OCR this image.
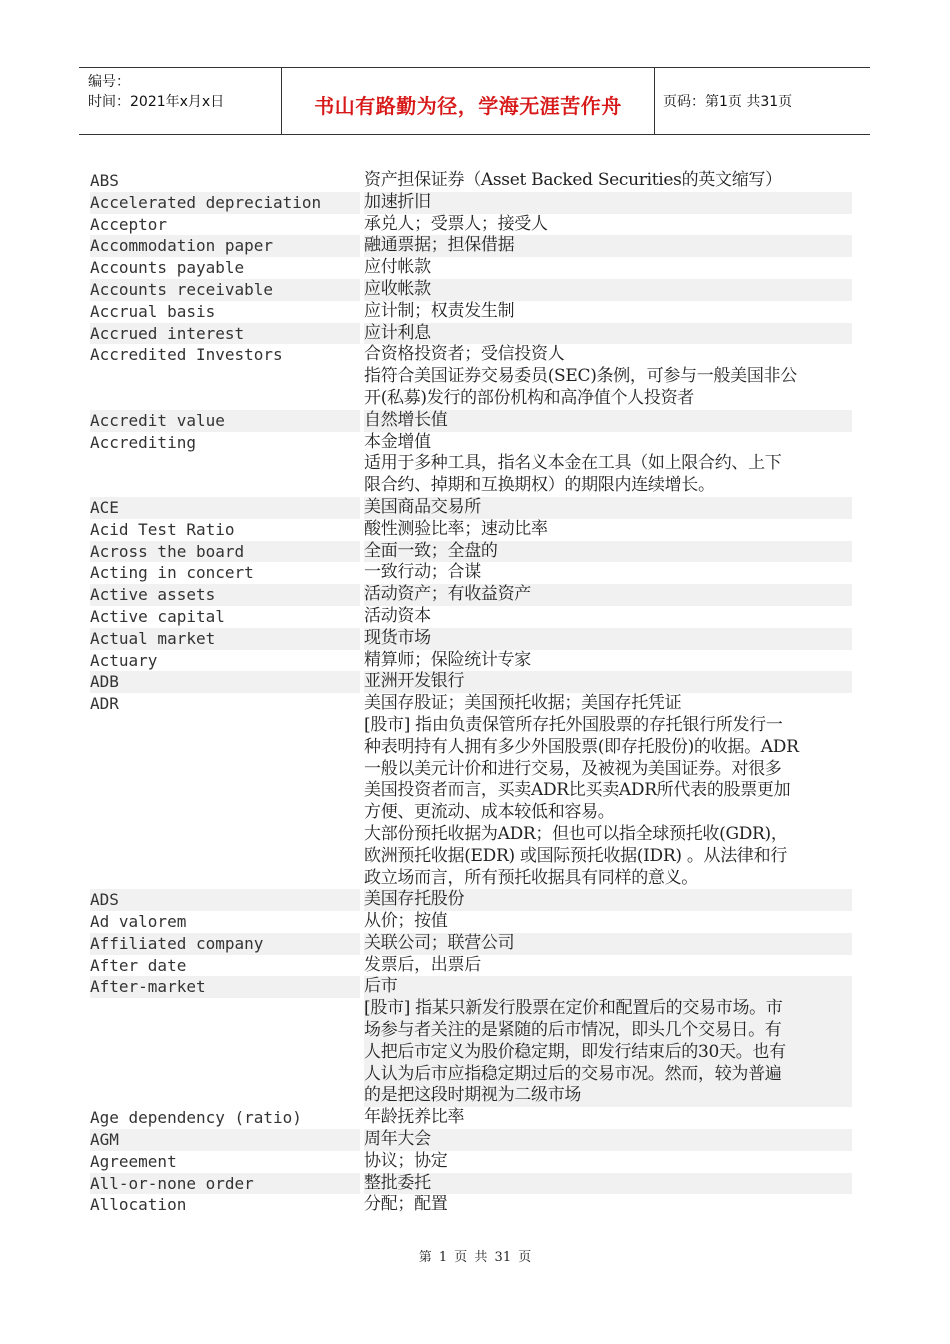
编号：
时间：2021年x月x日	书山有路勤为径，学海无涯苦作舟	页码：第1页 共31页
ABS	资产担保证券（Asset Backed Securities的英文缩写）
Accelerated depreciation	加速折旧
Acceptor	承兑人；受票人；接受人
Accommodation paper	融通票据；担保借据
Accounts payable	应付帐款
Accounts receivable	应收帐款
Accrual basis	应计制；权责发生制
Accrued interest	应计利息
Accredited Investors	合资格投资者；受信投资人
指符合美国证券交易委员(SEC)条例，可参与一般美国非公
开(私募)发行的部份机构和高净值个人投资者
Accredit value	自然增长值
Accrediting	本金增值
适用于多种工具，指名义本金在工具（如上限合约、上下
限合约、掉期和互换期权）的期限内连续增长。
ACE	美国商品交易所
Acid Test Ratio	酸性测验比率；速动比率
Across the board	全面一致；全盘的
Acting in concert	一致行动；合谋
Active assets	活动资产；有收益资产
Active capital	活动资本
Actual market	现货市场
Actuary	精算师；保险统计专家
ADB	亚洲开发银行
ADR	美国存股证；美国预托收据；美国存托凭证
[股市] 指由负责保管所存托外国股票的存托银行所发行一
种表明持有人拥有多少外国股票(即存托股份)的收据。ADR
一般以美元计价和进行交易，及被视为美国证券。对很多
美国投资者而言，买卖ADR比买卖ADR所代表的股票更加
方便、更流动、成本较低和容易。
大部份预托收据为ADR；但也可以指全球预托收(GDR)，
欧洲预托收据(EDR) 或国际预托收据(IDR) 。从法律和行
政立场而言，所有预托收据具有同样的意义。
ADS	美国存托股份
Ad valorem	从价；按值
Affiliated company	关联公司；联营公司
After date	发票后，出票后
After-market	后市
[股市] 指某只新发行股票在定价和配置后的交易市场。市
场参与者关注的是紧随的后市情况，即头几个交易日。有
人把后市定义为股价稳定期，即发行结束后的30天。也有
人认为后市应指稳定期过后的交易市况。然而，较为普遍
的是把这段时期视为二级市场
Age dependency (ratio)	年龄抚养比率
AGM	周年大会
Agreement	协议；协定
All-or-none order	整批委托
Allocation	分配；配置
第 1 页 共 31 页
